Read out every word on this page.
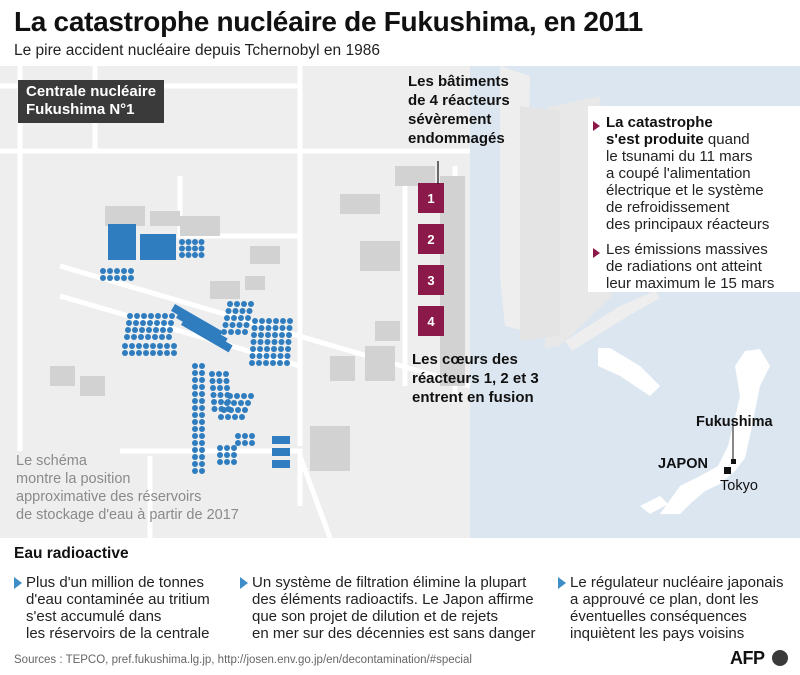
La catastrophe nucléaire de Fukushima, en 2011
Le pire accident nucléaire depuis Tchernobyl en 1986
1
2
3
4
Centrale nucléaire
Fukushima N°1
Les bâtiments
de 4 réacteurs
sévèrement
endommagés
Les cœurs des
réacteurs 1, 2 et 3
entrent en fusion
Le schéma
montre la position
approximative des réservoirs
de stockage d'eau à partir de 2017
La catastrophe
s'est produite quand
le tsunami du 11 mars
a coupé l'alimentation
électrique et le système
de refroidissement
des principaux réacteurs
Les émissions massives
de radiations ont atteint
leur maximum le 15 mars
Fukushima
JAPON
Tokyo
Eau radioactive
Plus d'un million de tonnes
d'eau contaminée au tritium
s'est accumulé dans
les réservoirs de la centrale
Un système de filtration élimine la plupart
des éléments radioactifs. Le Japon affirme
que son projet de dilution et de rejets
en mer sur des décennies est sans danger
Le régulateur nucléaire japonais
a approuvé ce plan, dont les
éventuelles conséquences
inquiètent les pays voisins
Sources : TEPCO, pref.fukushima.lg.jp, http://josen.env.go.jp/en/decontamination/#special	AFP
